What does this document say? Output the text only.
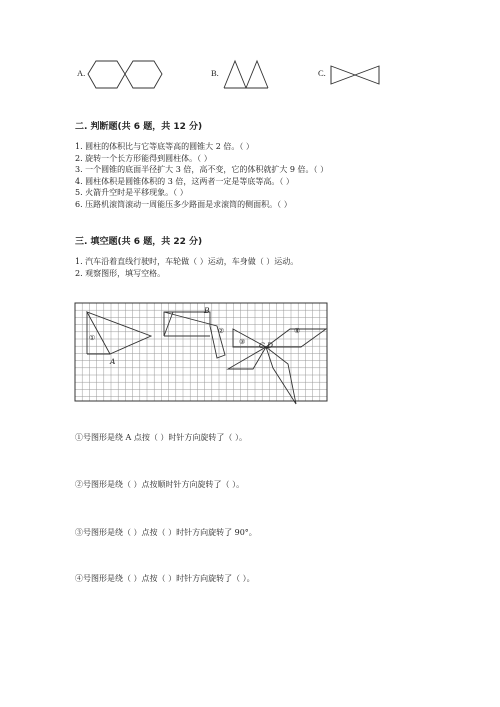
A.	B.	C.
二. 判断题(共 6 题，共 12 分)
1. 圆柱的体积比与它等底等高的圆锥大 2 倍。（ ）
2. 旋转一个长方形能得到圆柱体。（ ）
3. 一个圆锥的底面半径扩大 3 倍，高不变，它的体积就扩大 9 倍。（ ）
4. 圆柱体积是圆锥体积的 3 倍，这两者一定是等底等高。（ ）
5. 火箭升空时是平移现象。（ ）
6. 压路机滚筒滚动一周能压多少路面是求滚筒的侧面积。（ ）
三. 填空题(共 6 题，共 22 分)
1. 汽车沿着直线行驶时，车轮做（ ）运动，车身做（ ）运动。
2. 观察图形，填写空格。
①
A
B
②
③ C D
④
①号图形是绕 A 点按（ ）时针方向旋转了（ ）。
②号图形是绕（ ）点按顺时针方向旋转了（ ）。
③号图形是绕（ ）点按（ ）时针方向旋转了 90°。
④号图形是绕（ ）点按（ ）时针方向旋转了（ ）。
